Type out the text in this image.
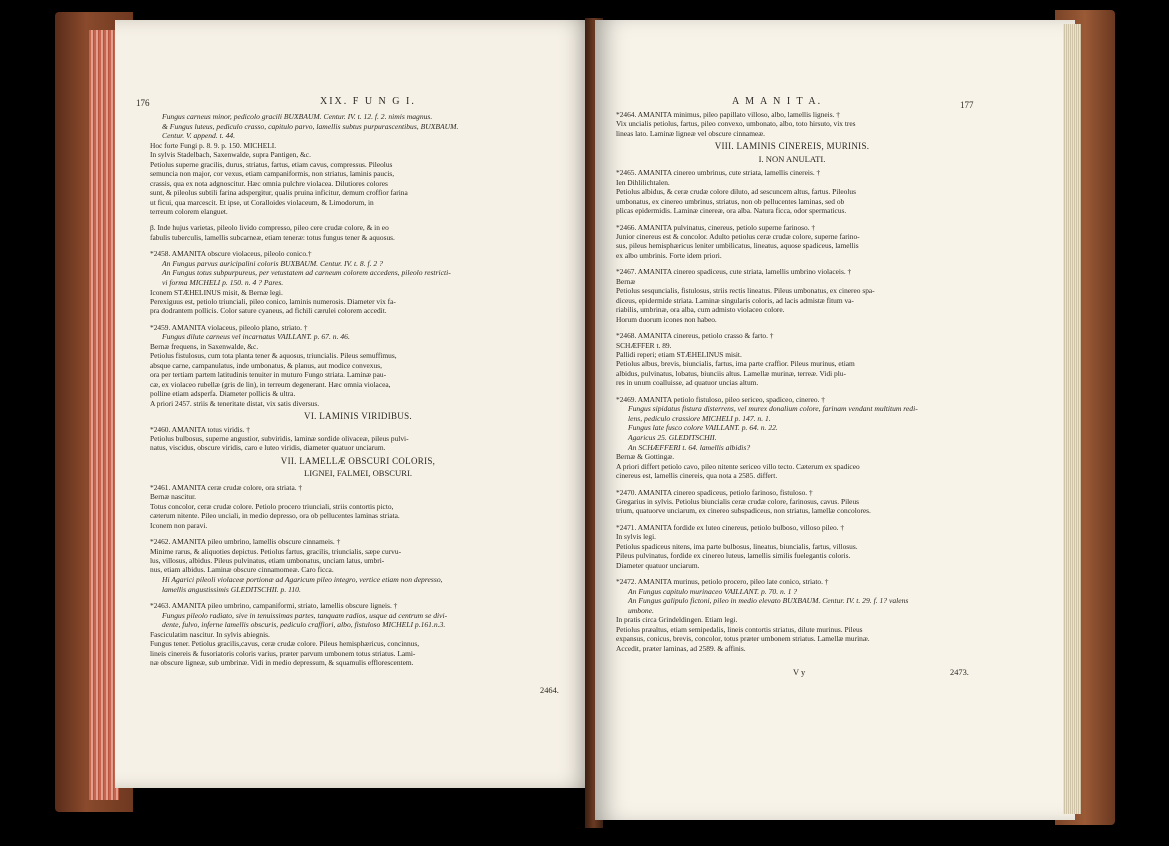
176	XIX. F U N G I.

Fungus carneus minor, pedicolo gracili BUXBAUM. Centur. IV. t. 12. f. 2. nimis magnus.

& Fungus luteus, pediculo crasso, capitulo parvo, lamellis subtus purpurascentibus, BUXBAUM.

Centur. V. append. t. 44.

Hoc forte Fungi p. 8. 9. p. 150. MICHELI.

In sylvis Stadelbach, Saxenwalde, supra Pantigen, &c.

Petiolus superne gracilis, durus, striatus, fartus, etiam cavus, compressus. Pileolus

semuncia non major, cor vexus, etiam campaniformis, non striatus, laminis paucis,

crassis, qua ex nota adgnoscitur. Hæc omnia pulchre violacea. Dilutiores colores

sunt, & pileolus subtili farina adspergitur, qualis pruina inficitur, demum croffior farina

ut ficui, qua marcescit. Et ipse, ut Coralloides violaceum, & Limodorum, in

terreum colorem elanguet.

β. Inde hujus varietas, pileolo livido compresso, pileo cere crudæ colore, & in eo

fabulis tuberculis, lamellis subcarneæ, etiam teneræ: totus fungus tener & aquosus.

*2458. AMANITA obscure violaceus, pileolo conico.†

An Fungus parvus auricipalini coloris BUXBAUM. Centur. IV. t. 8. f. 2 ?

An Fungus totus subpurpureus, per vetustatem ad carneum colorem accedens, pileolo restricti-

vi forma MICHELI p. 150. n. 4 ? Pares.

Iconem STÆHELINUS misit, & Bernæ legi.

Perexiguus est, petiolo triunciali, pileo conico, laminis numerosis. Diameter vix fa-

pra dodrantem pollicis. Color sature cyaneus, ad fichili cærulei colorem accedit.

*2459. AMANITA violaceus, pileolo plano, striato. †

Fungus dilute carneus vel incarnatus VAILLANT. p. 67. n. 46.

Bernæ frequens, in Saxenwalde, &c.

Petiolus fistulosus, cum tota planta tener & aquosus, triuncialis. Pileus semuffimus,

absque carne, campanulatus, inde umbonatus, & planus, aut modice convexus,

ora per tertiam partem latitudinis tenuiter in muturo Fungo striata. Laminæ pau-

cæ, ex violaceo rubellæ (gris de lin), in terreum degenerant. Hæc omnia violacea,

polline etiam adsperfa. Diameter pollicis & ultra.

A priori 2457. striis & teneritate distat, vix satis diversus.

VI. LAMINIS VIRIDIBUS.

*2460. AMANITA totus viridis. †

Petiolus bulbosus, superne angustior, subviridis, laminæ sordide olivaceæ, pileus pulvi-

natus, viscidus, obscure viridis, caro e luteo viridis, diameter quatuor unciarum.

VII. LAMELLÆ OBSCURI COLORIS,

LIGNEI, FALMEI, OBSCURI.

*2461. AMANITA ceræ crudæ colore, ora striata. †

Bernæ nascitur.

Totus concolor, ceræ crudæ colore. Petiolo procero triunciali, striis contortis picto,

cæterum nitente. Pileo unciali, in medio depresso, ora ob pellucentes laminas striata.

Iconem non paravi.

*2462. AMANITA pileo umbrino, lamellis obscure cinnameis. †

Minime rarus, & aliquoties depictus. Petiolus fartus, gracilis, triuncialis, sæpe curvu-

lus, villosus, albidus. Pileus pulvinatus, etiam umbonatus, unciam latus, umbri-

nus, etiam albidus. Laminæ obscure cinnamomeæ. Caro ficca.

Hi Agarici pileoli violaceæ portionæ ad Agaricum pileo integro, vertice etiam non depresso,

lamellis angustissimis GLEDITSCHII. p. 110.

*2463. AMANITA pileo umbrino, campaniformi, striato, lamellis obscure ligneis. †

Fungus pileolo radiato, sive in tenuissimas partes, tanquam radios, usque ad centrum se divi-

dente, fulvo, inferne lamellis obscuris, pediculo craffiori, albo, fistuloso MICHELI p.161.n.3.

Fasciculatim nascitur. In sylvis abiegnis.

Fungus tener. Petiolus gracilis,cavus, ceræ crudæ colore. Pileus hemisphæricus, concinnus,

lineis cinereis & fusoriatoris coloris varius, præter parvum umbonem totus striatus. Lami-

næ obscure ligneæ, sub umbrinæ. Vidi in medio depressum, & squamulis efflorescentem.

2464.
A M A N I T A.	177

*2464. AMANITA minimus, pileo papillato villoso, albo, lamellis ligneis. †

Vix uncialis petiolus, fartus, pileo convexo, umbonato, albo, toto hirsuto, vix tres

lineas lato. Laminæ ligneæ vel obscure cinnameæ.

VIII. LAMINIS CINEREIS, MURINIS.

I. NON ANULATI.

*2465. AMANITA cinereo umbrinus, cute striata, lamellis cinereis. †

Ien Dihlilichtalen.

Petiolus albidus, & ceræ crudæ colore diluto, ad sescuncem altus, fartus. Pileolus

umbonatus, ex cinereo umbrinus, striatus, non ob pellucentes laminas, sed ob

plicas epidermidis. Laminæ cinereæ, ora alba. Natura ficca, odor spermaticus.

*2466. AMANITA pulvinatus, cinereus, petiolo superne farinoso. †

Junior cinereus est & concolor. Adulto petiolus ceræ crudæ colore, superne farino-

sus, pileus hemisphæricus leniter umbilicatus, lineatus, aquose spadiceus, lamellis

ex albo umbrinis. Forte idem priori.

*2467. AMANITA cinereo spadiceus, cute striata, lamellis umbrino violaceis. †

Bernæ

Petiolus sesquncialis, fistulosus, striis rectis lineatus. Pileus umbonatus, ex cinereo spa-

diceus, epidermide striata. Laminæ singularis coloris, ad lacis admistæ fitum va-

riabilis, umbrinæ, ora alba, cum admisto violaceo colore.

Horum duorum icones non habeo.

*2468. AMANITA cinereus, petiolo crasso & farto. †

SCHÆFFER t. 89.

Pallidi reperi; etiam STÆHELINUS misit.

Petiolus albus, brevis, biuncialis, fartus, ima parte craffior. Pileus murinus, etiam

albidus, pulvinatus, lobatus, biunciis altus. Lamellæ murinæ, terreæ. Vidi plu-

res in unum coalluisse, ad quatuor uncias altum.

*2469. AMANITA petiolo fistuloso, pileo sericeo, spadiceo, cinereo. †

Fungus sipidatus fistura disterrens, vel murex donalium colore, farinam vendant multitum redi-

lens, pediculo crassiore MICHELI p. 147. n. 1.

Fungus late fusco colore VAILLANT. p. 64. n. 22.

Agaricus 25. GLEDITSCHII.

An SCHÆFFERI t. 64. lamellis albidis?

Bernæ & Gottingæ.

A priori differt petiolo cavo, pileo nitente sericeo villo tecto. Cæterum ex spadiceo

cinereus est, lamellis cinereis, qua nota a 2585. differt.

*2470. AMANITA cinereo spadiceus, petiolo farinoso, fistuloso. †

Gregarius in sylvis. Petiolus biuncialis ceræ crudæ colore, farinosus, cavus. Pileus

trium, quatuorve unciarum, ex cinereo subspadiceus, non striatus, lamellæ concolores.

*2471. AMANITA fordide ex luteo cinereus, petiolo bulboso, villoso pileo. †

In sylvis legi.

Petiolus spadiceus nitens, ima parte bulbosus, lineatus, biuncialis, fartus, villosus.

Pileus pulvinatus, fordide ex cinereo luteus, lamellis similis fuelegantis coloris.

Diameter quatuor unciarum.

*2472. AMANITA murinus, petiolo procero, pileo late conico, striato. †

An Fungus capitulo murinaceo VAILLANT. p. 70. n. 1 ?

An Fungus galipulo fictoni, pileo in medio elevato BUXBAUM. Centur. IV. t. 29. f. 1? valens

umbone.

In pratis circa Grindeldingen. Etiam legi.

Petiolus præaltus, etiam semipedalis, lineis contortis striatus, dilute murinus. Pileus

expansus, conicus, brevis, concolor, totus præter umbonem striatus. Lamellæ murinæ.

Accedit, præter laminas, ad 2589. & affinis.

V y	2473.
